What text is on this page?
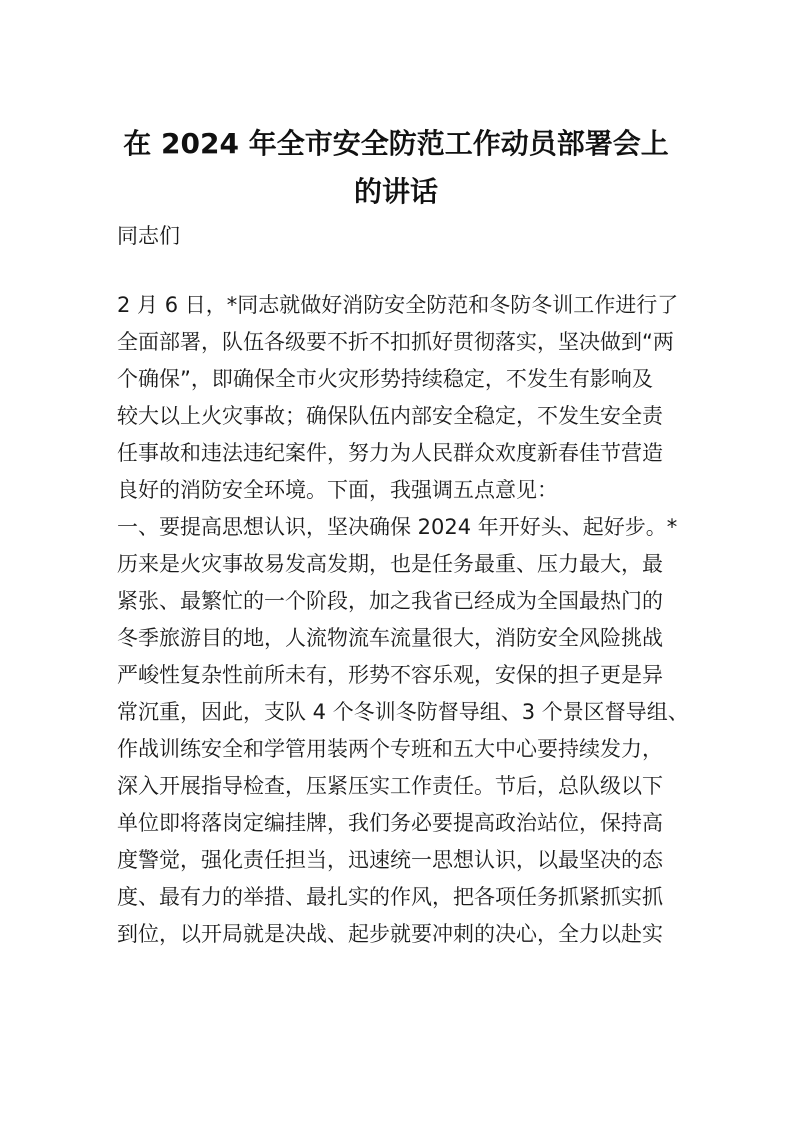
在 2024 年全市安全防范工作动员部署会上
的讲话

同志们

2 月 6 日，*同志就做好消防安全防范和冬防冬训工作进行了

全面部署，队伍各级要不折不扣抓好贯彻落实，坚决做到“两

个确保”，即确保全市火灾形势持续稳定，不发生有影响及

较大以上火灾事故；确保队伍内部安全稳定，不发生安全责

任事故和违法违纪案件，努力为人民群众欢度新春佳节营造

良好的消防安全环境。下面，我强调五点意见：

一、要提高思想认识，坚决确保 2024 年开好头、起好步。*

历来是火灾事故易发高发期，也是任务最重、压力最大，最

紧张、最繁忙的一个阶段，加之我省已经成为全国最热门的

冬季旅游目的地，人流物流车流量很大，消防安全风险挑战

严峻性复杂性前所未有，形势不容乐观，安保的担子更是异

常沉重，因此，支队 4 个冬训冬防督导组、3 个景区督导组、

作战训练安全和学管用装两个专班和五大中心要持续发力，

深入开展指导检查，压紧压实工作责任。节后，总队级以下

单位即将落岗定编挂牌，我们务必要提高政治站位，保持高

度警觉，强化责任担当，迅速统一思想认识，以最坚决的态

度、最有力的举措、最扎实的作风，把各项任务抓紧抓实抓

到位，以开局就是决战、起步就要冲刺的决心，全力以赴实
